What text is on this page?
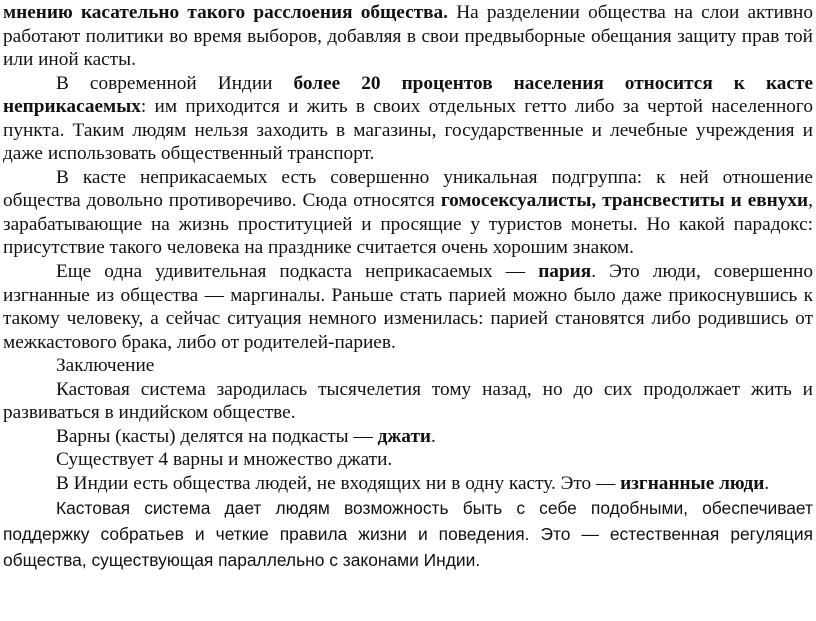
мнению касательно такого расслоения общества. На разделении общества на слои активно работают политики во время выборов, добавляя в свои предвыборные обещания защиту прав той или иной касты.

В современной Индии более 20 процентов населения относится к касте неприкасаемых: им приходится и жить в своих отдельных гетто либо за чертой населенного пункта. Таким людям нельзя заходить в магазины, государственные и лечебные учреждения и даже использовать общественный транспорт.

В касте неприкасаемых есть совершенно уникальная подгруппа: к ней отношение общества довольно противоречиво. Сюда относятся гомосексуалисты, трансвеститы и евнухи, зарабатывающие на жизнь проституцией и просящие у туристов монеты. Но какой парадокс: присутствие такого человека на празднике считается очень хорошим знаком.

Еще одна удивительная подкаста неприкасаемых — пария. Это люди, совершенно изгнанные из общества — маргиналы. Раньше стать парией можно было даже прикоснувшись к такому человеку, а сейчас ситуация немного изменилась: парией становятся либо родившись от межкастового брака, либо от родителей-париев.

Заключение

Кастовая система зародилась тысячелетия тому назад, но до сих продолжает жить и развиваться в индийском обществе.

Варны (касты) делятся на подкасты — джати.

Существует 4 варны и множество джати.

В Индии есть общества людей, не входящих ни в одну касту. Это — изгнанные люди.

Кастовая система дает людям возможность быть с себе подобными, обеспечивает поддержку собратьев и четкие правила жизни и поведения. Это — естественная регуляция общества, существующая параллельно с законами Индии.
